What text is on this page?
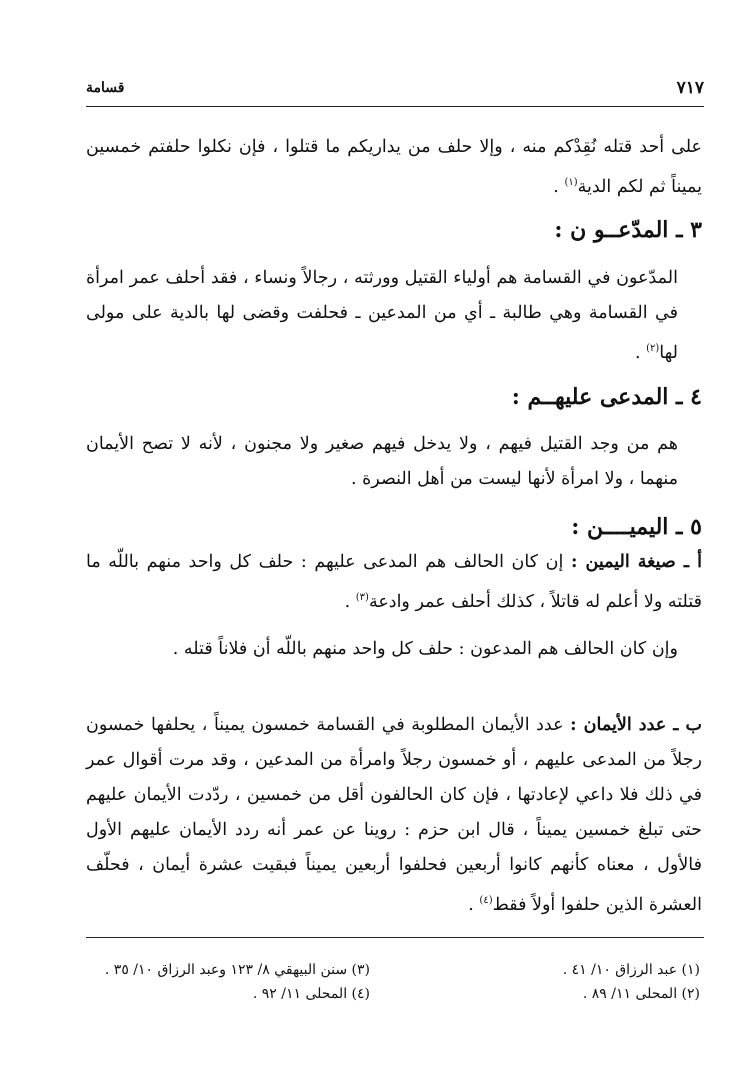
٧١٧
قسامة

على أحد قتله نُقِدْكم منه ، وإلا حلف من يداريكم ما قتلوا ، فإن نكلوا حلفتم خمسين يميناً ثم لكم الدية$^{(١)}$ .

٣ ـ المدّعــو ن :

المدّعون في القسامة هم أولياء القتيل وورثته ، رجالاً ونساء ، فقد أحلف عمر امرأة في القسامة وهي طالبة ـ أي من المدعين ـ فحلفت وقضى لها بالدية على مولى لها$^{(٢)}$ .

٤ ـ المدعى عليهــم :

هم من وجد القتيل فيهم ، ولا يدخل فيهم صغير ولا مجنون ، لأنه لا تصح الأيمان منهما ، ولا امرأة لأنها ليست من أهل النصرة .

٥ ـ اليميــــن :

أ ـ صيغة اليمين : إن كان الحالف هم المدعى عليهم : حلف كل واحد منهم باللّه ما قتلته ولا أعلم له قاتلاً ، كذلك أحلف عمر وادعة$^{(٣)}$ .

وإن كان الحالف هم المدعون : حلف كل واحد منهم باللّه أن فلاناً قتله .

ب ـ عدد الأيمان : عدد الأيمان المطلوبة في القسامة خمسون يميناً ، يحلفها خمسون رجلاً من المدعى عليهم ، أو خمسون رجلاً وامرأة من المدعين ، وقد مرت أقوال عمر في ذلك فلا داعي لإعادتها ، فإن كان الحالفون أقل من خمسين ، ردّدت الأيمان عليهم حتى تبلغ خمسين يميناً ، قال ابن حزم : روينا عن عمر أنه ردد الأيمان عليهم الأول فالأول ، معناه كأنهم كانوا أربعين فحلفوا أربعين يميناً فبقيت عشرة أيمان ، فحلّف العشرة الذين حلفوا أولاً فقط$^{(٤)}$ .

(١) عبد الرزاق ١٠/ ٤١ .
(٢) المحلى ١١/ ٨٩ .
(٣) سنن البيهقي ٨/ ١٢٣ وعبد الرزاق ١٠/ ٣٥ .
(٤) المحلى ١١/ ٩٢ .
